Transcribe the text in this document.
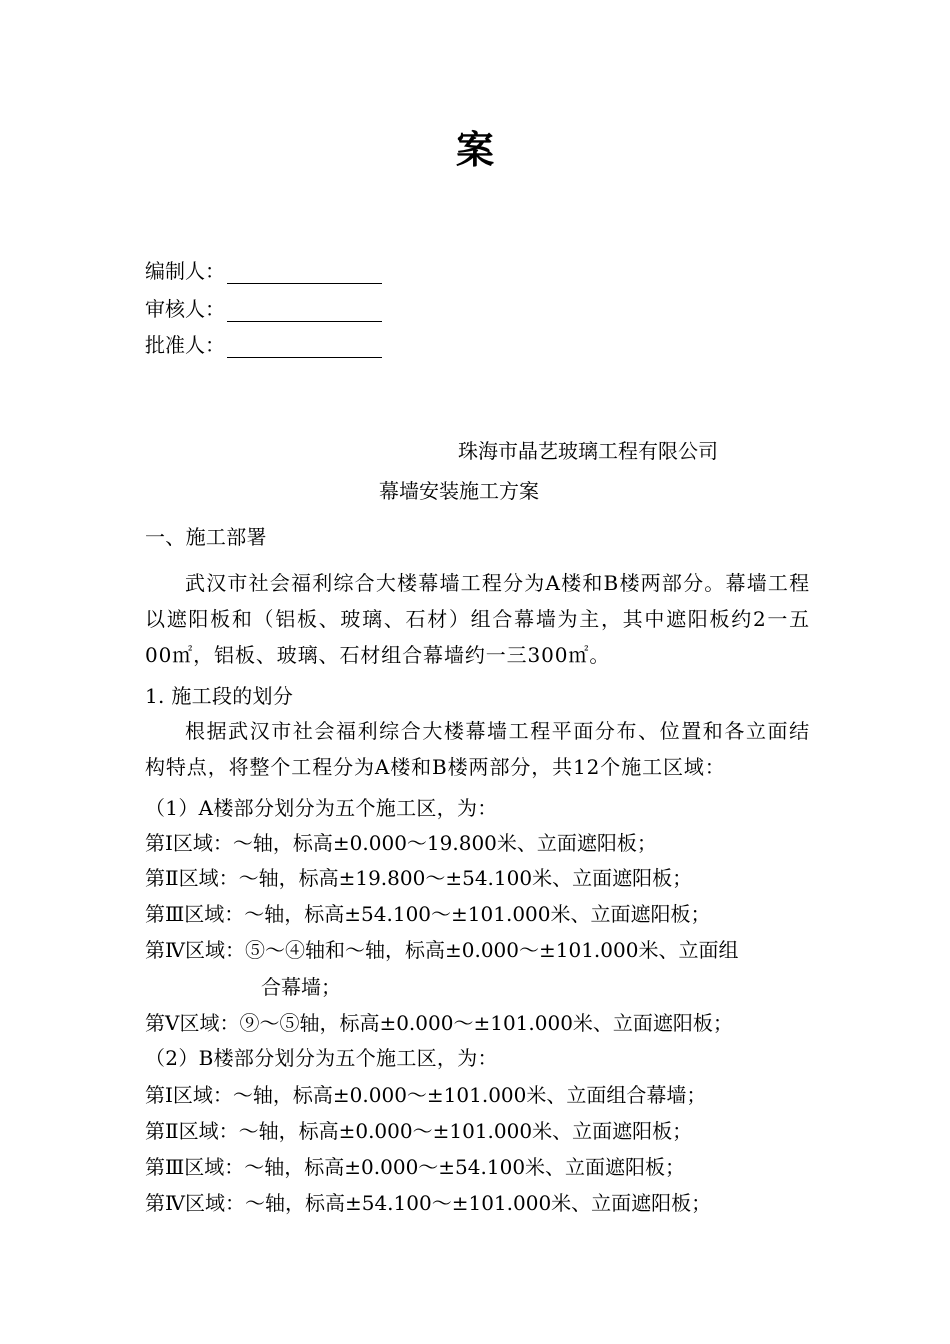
案
编制人：
审核人：
批准人：
珠海市晶艺玻璃工程有限公司
幕墙安装施工方案
一、施工部署
武汉市社会福利综合大楼幕墙工程分为A楼和B楼两部分。幕墙工程以遮阳板和（铝板、玻璃、石材）组合幕墙为主，其中遮阳板约2一五00㎡，铝板、玻璃、石材组合幕墙约一三300㎡。
1. 施工段的划分
根据武汉市社会福利综合大楼幕墙工程平面分布、位置和各立面结构特点，将整个工程分为A楼和B楼两部分，共12个施工区域：
（1）A楼部分划分为五个施工区，为：
第Ⅰ区域：～轴，标高±0.000～19.800米、立面遮阳板；
第Ⅱ区域：～轴，标高±19.800～±54.100米、立面遮阳板；
第Ⅲ区域：～轴，标高±54.100～±101.000米、立面遮阳板；
第Ⅳ区域：⑤～④轴和～轴，标高±0.000～±101.000米、立面组
合幕墙；
第Ⅴ区域：⑨～⑤轴，标高±0.000～±101.000米、立面遮阳板；
（2）B楼部分划分为五个施工区，为：
第Ⅰ区域：～轴，标高±0.000～±101.000米、立面组合幕墙；
第Ⅱ区域：～轴，标高±0.000～±101.000米、立面遮阳板；
第Ⅲ区域：～轴，标高±0.000～±54.100米、立面遮阳板；
第Ⅳ区域：～轴，标高±54.100～±101.000米、立面遮阳板；
